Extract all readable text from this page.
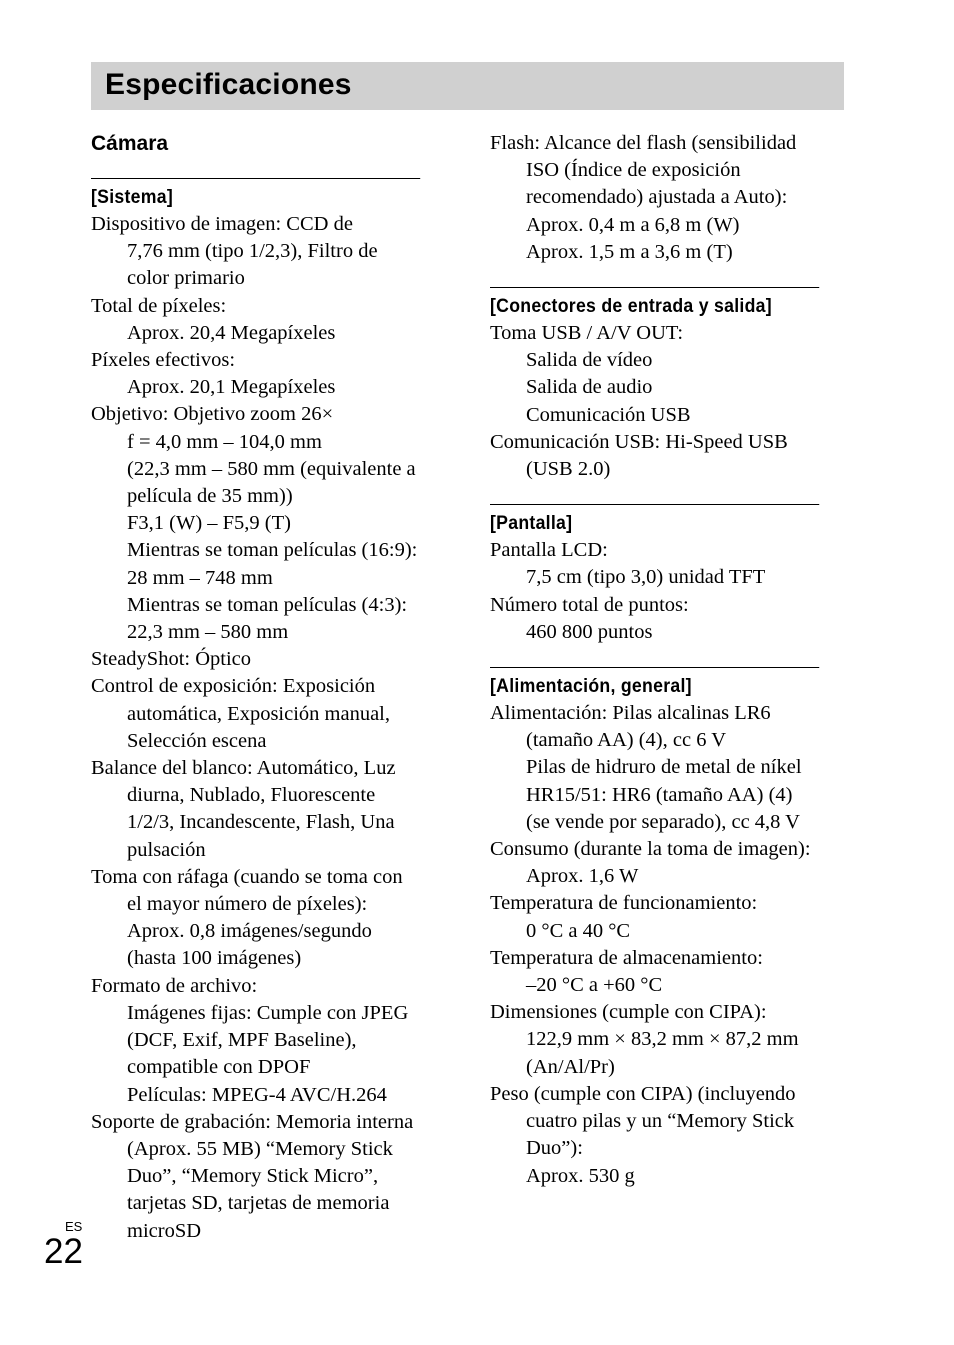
Especificaciones
Cámara
[Sistema]
Dispositivo de imagen: CCD de
7,76 mm (tipo 1/2,3), Filtro de
color primario
Total de píxeles:
Aprox. 20,4 Megapíxeles
Píxeles efectivos:
Aprox. 20,1 Megapíxeles
Objetivo: Objetivo zoom 26×
f = 4,0 mm – 104,0 mm
(22,3 mm – 580 mm (equivalente a
película de 35 mm))
F3,1 (W) – F5,9 (T)
Mientras se toman películas (16:9):
28 mm – 748 mm
Mientras se toman películas (4:3):
22,3 mm – 580 mm
SteadyShot: Óptico
Control de exposición: Exposición
automática, Exposición manual,
Selección escena
Balance del blanco: Automático, Luz
diurna, Nublado, Fluorescente
1/2/3, Incandescente, Flash, Una
pulsación
Toma con ráfaga (cuando se toma con
el mayor número de píxeles):
Aprox. 0,8 imágenes/segundo
(hasta 100 imágenes)
Formato de archivo:
Imágenes fijas: Cumple con JPEG
(DCF, Exif, MPF Baseline),
compatible con DPOF
Películas: MPEG-4 AVC/H.264
Soporte de grabación: Memoria interna
(Aprox. 55 MB) “Memory Stick
Duo”, “Memory Stick Micro”,
tarjetas SD, tarjetas de memoria
microSD
Flash: Alcance del flash (sensibilidad
ISO (Índice de exposición
recomendado) ajustada a Auto):
Aprox. 0,4 m a 6,8 m (W)
Aprox. 1,5 m a 3,6 m (T)
[Conectores de entrada y salida]
Toma USB / A/V OUT:
Salida de vídeo
Salida de audio
Comunicación USB
Comunicación USB: Hi-Speed USB
(USB 2.0)
[Pantalla]
Pantalla LCD:
7,5 cm (tipo 3,0) unidad TFT
Número total de puntos:
460 800 puntos
[Alimentación, general]
Alimentación: Pilas alcalinas LR6
(tamaño AA) (4), cc 6 V
Pilas de hidruro de metal de níkel
HR15/51: HR6 (tamaño AA) (4)
(se vende por separado), cc 4,8 V
Consumo (durante la toma de imagen):
Aprox. 1,6 W
Temperatura de funcionamiento:
0 °C a 40 °C
Temperatura de almacenamiento:
–20 °C a +60 °C
Dimensiones (cumple con CIPA):
122,9 mm × 83,2 mm × 87,2 mm
(An/Al/Pr)
Peso (cumple con CIPA) (incluyendo
cuatro pilas y un “Memory Stick
Duo”):
Aprox. 530 g
ES
22
